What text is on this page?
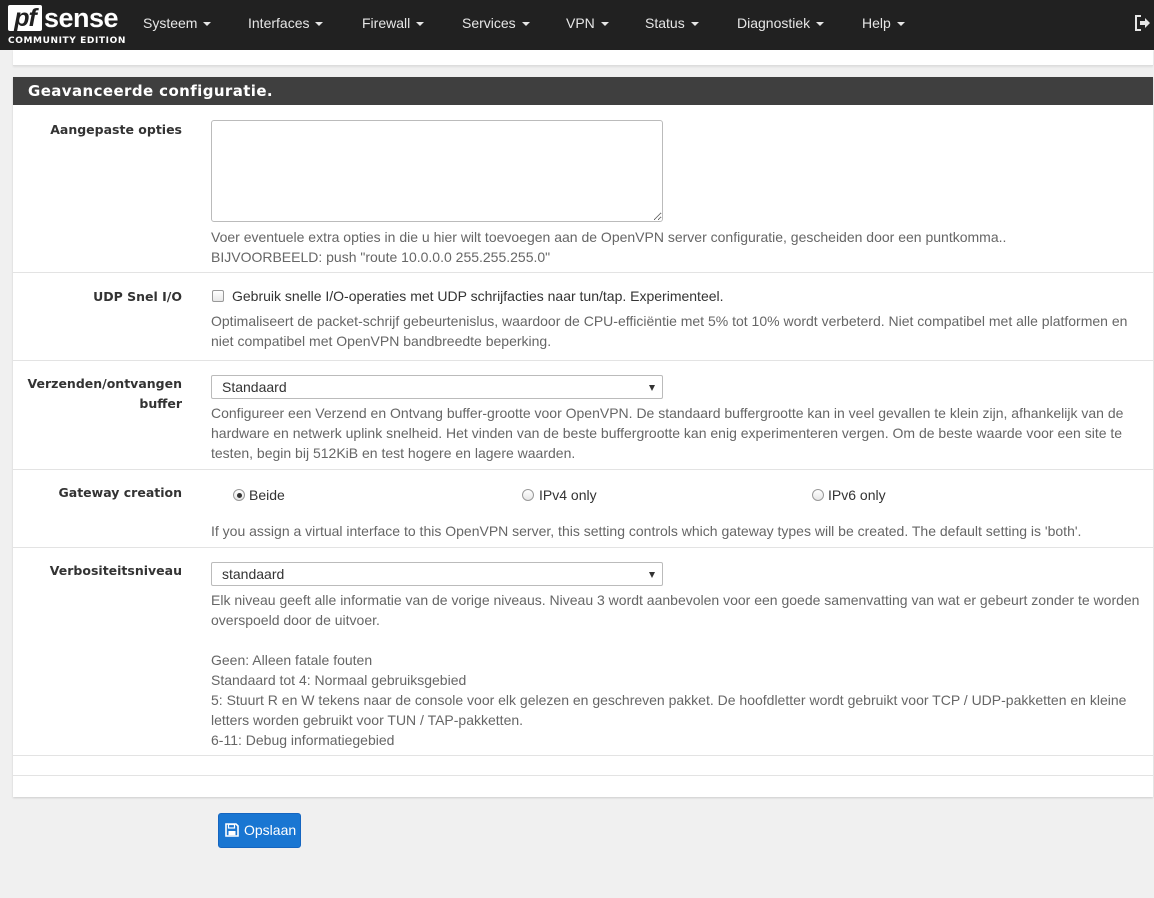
pf sense
COMMUNITY EDITION
Systeem	Interfaces	Firewall	Services	VPN	Status	Diagnostiek	Help
Geavanceerde configuratie.
Aangepaste opties
Voer eventuele extra opties in die u hier wilt toevoegen aan de OpenVPN server configuratie, gescheiden door een puntkomma..
BIJVOORBEELD: push "route 10.0.0.0 255.255.255.0"
UDP Snel I/O	Gebruik snelle I/O-operaties met UDP schrijfacties naar tun/tap. Experimenteel.
Optimaliseert de packet-schrijf gebeurtenislus, waardoor de CPU-efficiëntie met 5% tot 10% wordt verbeterd. Niet compatibel met alle platformen en
niet compatibel met OpenVPN bandbreedte beperking.
Verzenden/ontvangen
buffer
Standaard
Configureer een Verzend en Ontvang buffer-grootte voor OpenVPN. De standaard buffergrootte kan in veel gevallen te klein zijn, afhankelijk van de
hardware en netwerk uplink snelheid. Het vinden van de beste buffergrootte kan enig experimenteren vergen. Om de beste waarde voor een site te
testen, begin bij 512KiB en test hogere en lagere waarden.
Gateway creation	Beide	IPv4 only	IPv6 only
If you assign a virtual interface to this OpenVPN server, this setting controls which gateway types will be created. The default setting is 'both'.
Verbositeitsniveau	standaard
Elk niveau geeft alle informatie van de vorige niveaus. Niveau 3 wordt aanbevolen voor een goede samenvatting van wat er gebeurt zonder te worden
overspoeld door de uitvoer.
Geen: Alleen fatale fouten
Standaard tot 4: Normaal gebruiksgebied
5: Stuurt R en W tekens naar de console voor elk gelezen en geschreven pakket. De hoofdletter wordt gebruikt voor TCP / UDP-pakketten en kleine
letters worden gebruikt voor TUN / TAP-pakketten.
6-11: Debug informatiegebied
Opslaan
